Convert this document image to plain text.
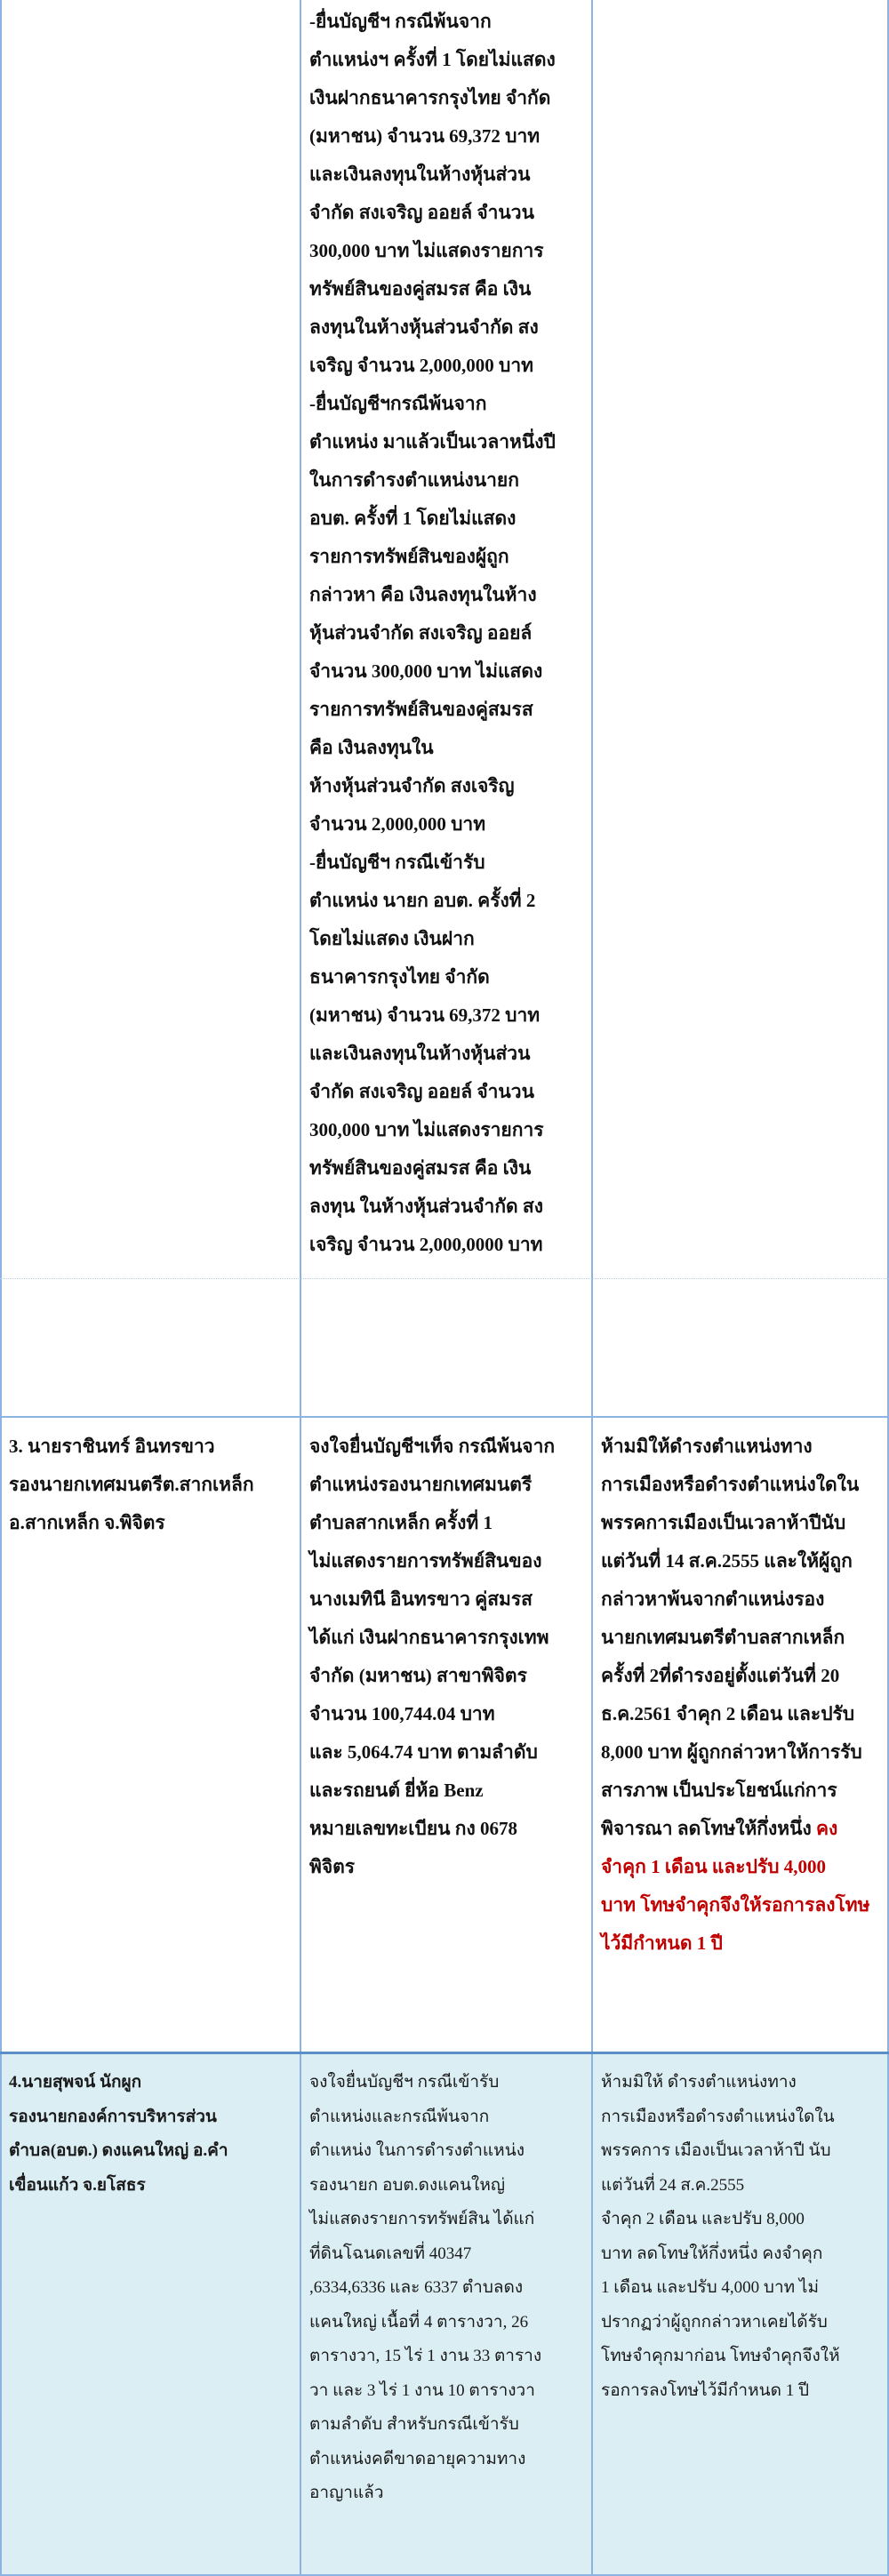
-ยื่นบัญชีฯ กรณีพ้นจาก
ตำแหน่งฯ ครั้งที่ 1 โดยไม่แสดง
เงินฝากธนาคารกรุงไทย จำกัด
(มหาชน) จำนวน 69,372 บาท
และเงินลงทุนในห้างหุ้นส่วน
จำกัด สงเจริญ ออยล์ จำนวน
300,000 บาท ไม่แสดงรายการ
ทรัพย์สินของคู่สมรส คือ เงิน
ลงทุนในห้างหุ้นส่วนจำกัด สง
เจริญ จำนวน 2,000,000 บาท
-ยื่นบัญชีฯกรณีพ้นจาก
ตำแหน่ง มาแล้วเป็นเวลาหนึ่งปี
ในการดำรงตำแหน่งนายก
อบต. ครั้งที่ 1 โดยไม่แสดง
รายการทรัพย์สินของผู้ถูก
กล่าวหา คือ เงินลงทุนในห้าง
หุ้นส่วนจำกัด สงเจริญ ออยล์
จำนวน 300,000 บาท ไม่แสดง
รายการทรัพย์สินของคู่สมรส
คือ เงินลงทุนใน
ห้างหุ้นส่วนจำกัด สงเจริญ
จำนวน 2,000,000 บาท
-ยื่นบัญชีฯ กรณีเข้ารับ
ตำแหน่ง นายก อบต. ครั้งที่ 2
โดยไม่แสดง เงินฝาก
ธนาคารกรุงไทย จำกัด
(มหาชน) จำนวน 69,372 บาท
และเงินลงทุนในห้างหุ้นส่วน
จำกัด สงเจริญ ออยล์ จำนวน
300,000 บาท ไม่แสดงรายการ
ทรัพย์สินของคู่สมรส คือ เงิน
ลงทุน ในห้างหุ้นส่วนจำกัด สง
เจริญ จำนวน 2,000,0000 บาท
3. นายราชินทร์ อินทรขาว
รองนายกเทศมนตรีต.สากเหล็ก
อ.สากเหล็ก จ.พิจิตร
จงใจยื่นบัญชีฯเท็จ กรณีพ้นจาก
ตำแหน่งรองนายกเทศมนตรี
ตำบลสากเหล็ก ครั้งที่ 1
ไม่แสดงรายการทรัพย์สินของ
นางเมทินี อินทรขาว คู่สมรส
ได้แก่ เงินฝากธนาคารกรุงเทพ
จำกัด (มหาชน) สาขาพิจิตร
จำนวน 100,744.04 บาท
และ 5,064.74 บาท ตามลำดับ
และรถยนต์ ยี่ห้อ Benz
หมายเลขทะเบียน กง 0678
พิจิตร
ห้ามมิให้ดำรงตำแหน่งทาง
การเมืองหรือดำรงตำแหน่งใดใน
พรรคการเมืองเป็นเวลาห้าปีนับ
แต่วันที่ 14 ส.ค.2555 และให้ผู้ถูก
กล่าวหาพ้นจากตำแหน่งรอง
นายกเทศมนตรีตำบลสากเหล็ก
ครั้งที่ 2ที่ดำรงอยู่ตั้งแต่วันที่ 20
ธ.ค.2561 จำคุก 2 เดือน และปรับ
8,000 บาท ผู้ถูกกล่าวหาให้การรับ
สารภาพ เป็นประโยชน์แก่การ
พิจารณา ลดโทษให้กึ่งหนึ่ง คง
จำคุก 1 เดือน และปรับ 4,000
บาท โทษจำคุกจึงให้รอการลงโทษ
ไว้มีกำหนด 1 ปี
4.นายสุพจน์ นักผูก
รองนายกองค์การบริหารส่วน
ตำบล(อบต.) ดงแคนใหญ่ อ.คำ
เขื่อนแก้ว จ.ยโสธร
จงใจยื่นบัญชีฯ กรณีเข้ารับ
ตำแหน่งและกรณีพ้นจาก
ตำแหน่ง ในการดำรงตำแหน่ง
รองนายก อบต.ดงแคนใหญ่
ไม่แสดงรายการทรัพย์สิน ได้แก่
ที่ดินโฉนดเลขที่ 40347
,6334,6336 และ 6337 ตำบลดง
แคนใหญ่ เนื้อที่ 4 ตารางวา, 26
ตารางวา, 15 ไร่ 1 งาน 33 ตาราง
วา และ 3 ไร่ 1 งาน 10 ตารางวา
ตามลำดับ สำหรับกรณีเข้ารับ
ตำแหน่งคดีขาดอายุความทาง
อาญาแล้ว
ห้ามมิให้ ดำรงตำแหน่งทาง
การเมืองหรือดำรงตำแหน่งใดใน
พรรคการ เมืองเป็นเวลาห้าปี นับ
แต่วันที่ 24 ส.ค.2555
จำคุก 2 เดือน และปรับ 8,000
บาท ลดโทษให้กึ่งหนึ่ง คงจำคุก
1 เดือน และปรับ 4,000 บาท ไม่
ปรากฏว่าผู้ถูกกล่าวหาเคยได้รับ
โทษจำคุกมาก่อน โทษจำคุกจึงให้
รอการลงโทษไว้มีกำหนด 1 ปี
